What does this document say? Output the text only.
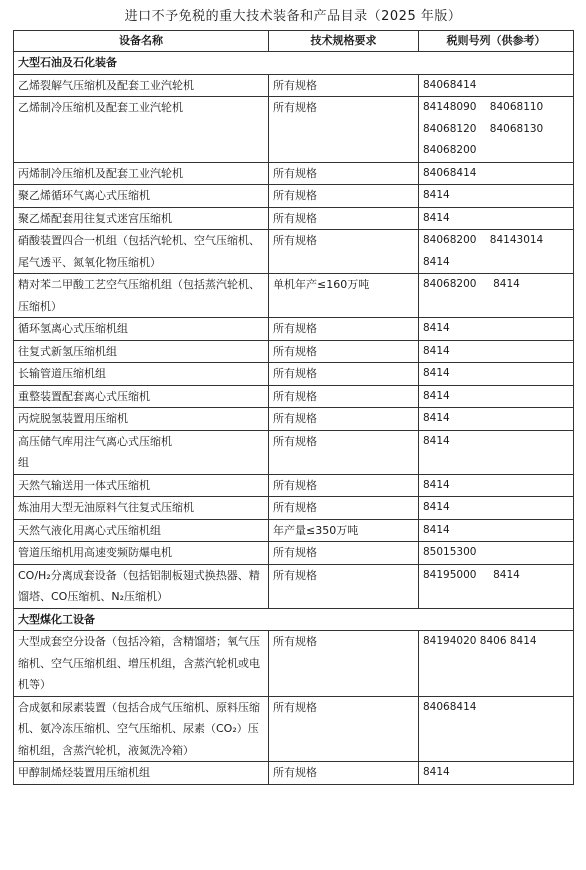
进口不予免税的重大技术装备和产品目录（2025 年版）
设备名称	技术规格要求	税则号列（供参考）
大型石油及石化装备		
乙烯裂解气压缩机及配套工业汽轮机	所有规格	84068414
乙烯制冷压缩机及配套工业汽轮机	所有规格	84148090    84068110
84068120    84068130
84068200
丙烯制冷压缩机及配套工业汽轮机	所有规格	84068414
聚乙烯循环气离心式压缩机	所有规格	8414
聚乙烯配套用往复式迷宫压缩机	所有规格	8414
硝酸装置四合一机组（包括汽轮机、空气压缩机、尾气透平、氮氧化物压缩机）	所有规格	84068200    84143014
8414
精对苯二甲酸工艺空气压缩机组（包括蒸汽轮机、压缩机）	单机年产≤160万吨	84068200     8414
循环氢离心式压缩机组	所有规格	8414
往复式新氢压缩机组	所有规格	8414
长输管道压缩机组	所有规格	8414
重整装置配套离心式压缩机	所有规格	8414
丙烷脱氢装置用压缩机	所有规格	8414
高压储气库用注气离心式压缩机
组	所有规格	8414
天然气输送用一体式压缩机	所有规格	8414
炼油用大型无油原料气往复式压缩机	所有规格	8414
天然气液化用离心式压缩机组	年产量≤350万吨	8414
管道压缩机用高速变频防爆电机	所有规格	85015300
CO/H₂分离成套设备（包括铝制板翅式换热器、精馏塔、CO压缩机、N₂压缩机）	所有规格	84195000     8414
大型煤化工设备		
大型成套空分设备（包括冷箱，含精馏塔；氧气压缩机、空气压缩机组、增压机组，含蒸汽轮机或电机等）	所有规格	84194020 8406 8414
合成氨和尿素装置（包括合成气压缩机、原料压缩机、氨冷冻压缩机、空气压缩机、尿素（CO₂）压缩机组，含蒸汽轮机，液氮洗冷箱）	所有规格	84068414
甲醇制烯烃装置用压缩机组	所有规格	8414
